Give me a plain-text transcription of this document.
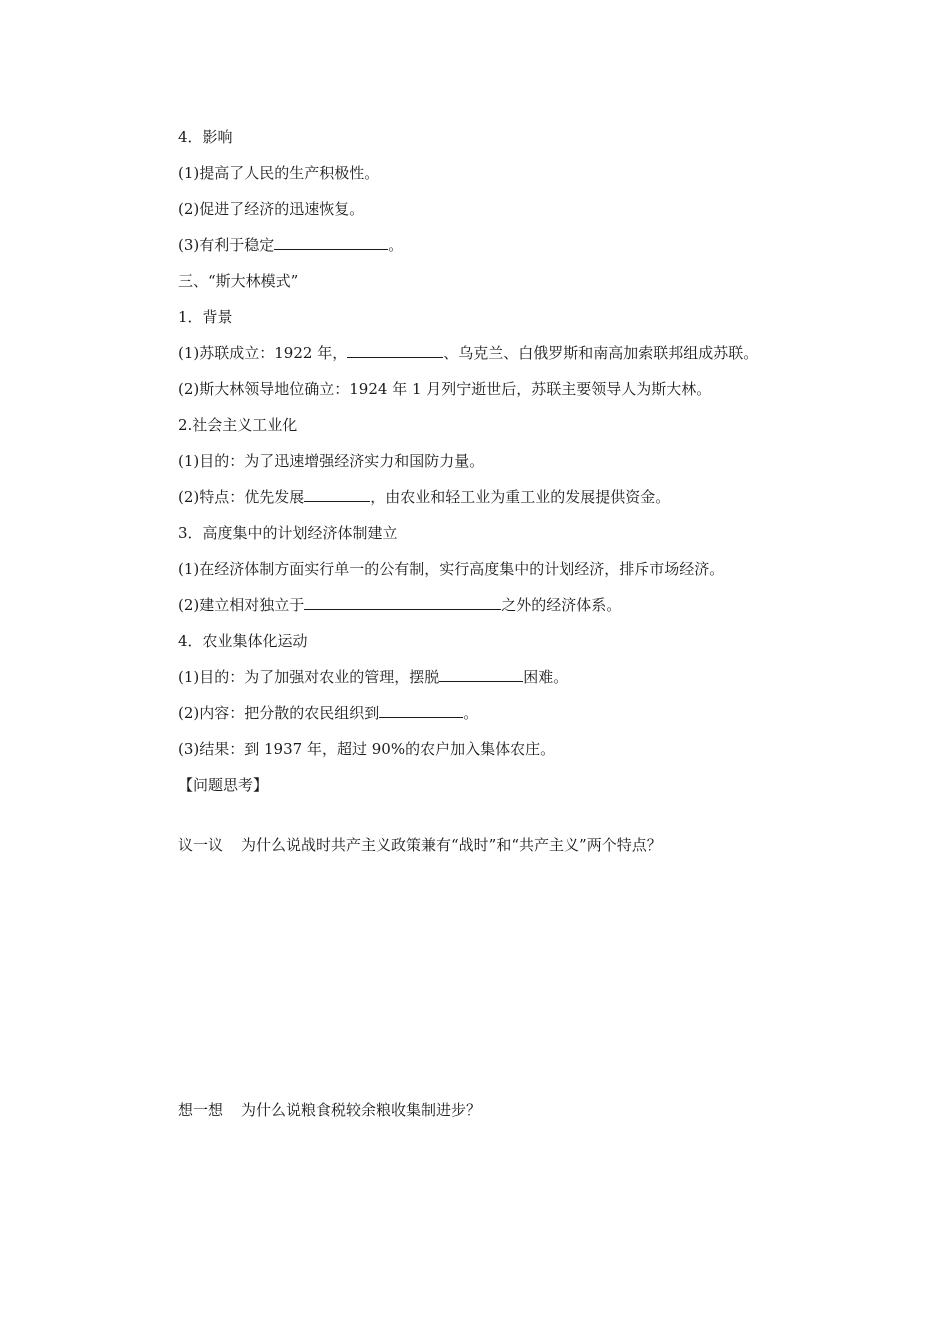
4．影响
(1)提高了人民的生产积极性。
(2)促进了经济的迅速恢复。
(3)有利于稳定	。
三、“斯大林模式”
1．背景
(1)苏联成立：1922 年，	、乌克兰、白俄罗斯和南高加索联邦组成苏联。
(2)斯大林领导地位确立：1924 年 1 月列宁逝世后，苏联主要领导人为斯大林。
2.社会主义工业化
(1)目的：为了迅速增强经济实力和国防力量。
(2)特点：优先发展	，由农业和轻工业为重工业的发展提供资金。
3．高度集中的计划经济体制建立
(1)在经济体制方面实行单一的公有制，实行高度集中的计划经济，排斥市场经济。
(2)建立相对独立于	之外的经济体系。
4．农业集体化运动
(1)目的：为了加强对农业的管理，摆脱	困难。
(2)内容：把分散的农民组织到	。
(3)结果：到 1937 年，超过 90%的农户加入集体农庄。
【问题思考】
议一议 为什么说战时共产主义政策兼有“战时”和“共产主义”两个特点？
想一想 为什么说粮食税较余粮收集制进步？
